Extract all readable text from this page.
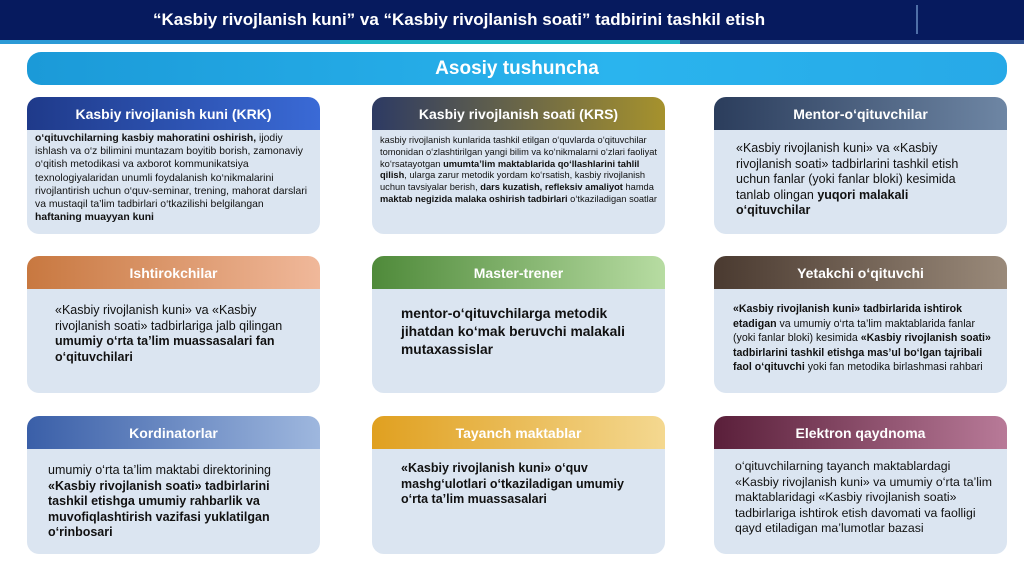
“Kasbiy rivojlanish kuni” va “Kasbiy rivojlanish soati” tadbirini tashkil etish
Asosiy tushuncha
Kasbiy rivojlanish kuni (KRK)

o‘qituvchilarning kasbiy mahoratini oshirish, ijodiy ishlash va o‘z bilimini muntazam boyitib borish, zamonaviy o‘qitish metodikasi va axborot kommunikatsiya texnologiyalaridan unumli foydalanish ko‘nikmalarini rivojlantirish uchun o‘quv-seminar, trening, mahorat darslari va mustaqil ta’lim tadbirlari o‘tkazilishi belgilangan haftaning muayyan kuni

Kasbiy rivojlanish soati (KRS)

kasbiy rivojlanish kunlarida tashkil etilgan o‘quvlarda o‘qituvchilar tomonidan o‘zlashtirilgan yangi bilim va ko‘nikmalarni o‘zlari faoliyat ko‘rsatayotgan umumta’lim maktablarida qo‘llashlarini tahlil qilish, ularga zarur metodik yordam ko‘rsatish, kasbiy rivojlanish uchun tavsiyalar berish, dars kuzatish, refleksiv amaliyot hamda maktab negizida malaka oshirish tadbirlari o‘tkaziladigan soatlar

Mentor-o‘qituvchilar

«Kasbiy rivojlanish kuni» va «Kasbiy rivojlanish soati» tadbirlarini tashkil etish uchun fanlar (yoki fanlar bloki) kesimida tanlab olingan yuqori malakali o‘qituvchilar

Ishtirokchilar

«Kasbiy rivojlanish kuni» va «Kasbiy rivojlanish soati» tadbirlariga jalb qilingan umumiy o‘rta ta’lim muassasalari fan o‘qituvchilari

Master-trener

mentor-o‘qituvchilarga metodik jihatdan ko‘mak beruvchi malakali mutaxassislar

Yetakchi o‘qituvchi

«Kasbiy rivojlanish kuni» tadbirlarida ishtirok etadigan va umumiy o‘rta ta’lim maktablarida fanlar (yoki fanlar bloki) kesimida «Kasbiy rivojlanish soati» tadbirlarini tashkil etishga mas’ul bo‘lgan tajribali faol o‘qituvchi yoki fan metodika birlashmasi rahbari

Kordinatorlar

umumiy o‘rta ta’lim maktabi direktorining «Kasbiy rivojlanish soati» tadbirlarini tashkil etishga umumiy rahbarlik va muvofiqlashtirish vazifasi yuklatilgan o‘rinbosari

Tayanch maktablar

«Kasbiy rivojlanish kuni» o‘quv mashg‘ulotlari o‘tkaziladigan umumiy o‘rta ta’lim muassasalari

Elektron qaydnoma

o‘qituvchilarning tayanch maktablardagi «Kasbiy rivojlanish kuni» va umumiy o‘rta ta’lim maktablaridagi «Kasbiy rivojlanish soati» tadbirlariga ishtirok etish davomati va faolligi qayd etiladigan ma’lumotlar bazasi
